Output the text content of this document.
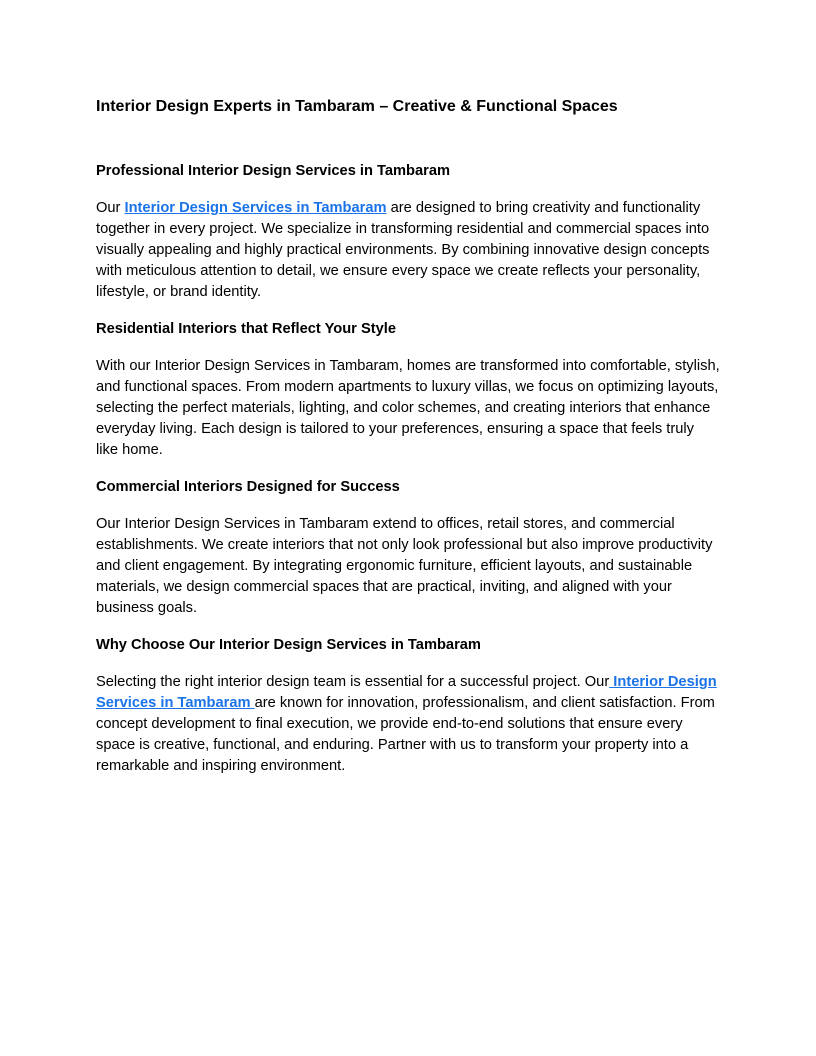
Interior Design Experts in Tambaram – Creative & Functional Spaces

Professional Interior Design Services in Tambaram

Our Interior Design Services in Tambaram are designed to bring creativity and functionality together in every project. We specialize in transforming residential and commercial spaces into visually appealing and highly practical environments. By combining innovative design concepts with meticulous attention to detail, we ensure every space we create reflects your personality, lifestyle, or brand identity.

Residential Interiors that Reflect Your Style

With our Interior Design Services in Tambaram, homes are transformed into comfortable, stylish, and functional spaces. From modern apartments to luxury villas, we focus on optimizing layouts, selecting the perfect materials, lighting, and color schemes, and creating interiors that enhance everyday living. Each design is tailored to your preferences, ensuring a space that feels truly like home.

Commercial Interiors Designed for Success

Our Interior Design Services in Tambaram extend to offices, retail stores, and commercial establishments. We create interiors that not only look professional but also improve productivity and client engagement. By integrating ergonomic furniture, efficient layouts, and sustainable materials, we design commercial spaces that are practical, inviting, and aligned with your business goals.

Why Choose Our Interior Design Services in Tambaram

Selecting the right interior design team is essential for a successful project. Our Interior Design Services in Tambaram are known for innovation, professionalism, and client satisfaction. From concept development to final execution, we provide end-to-end solutions that ensure every space is creative, functional, and enduring. Partner with us to transform your property into a remarkable and inspiring environment.
